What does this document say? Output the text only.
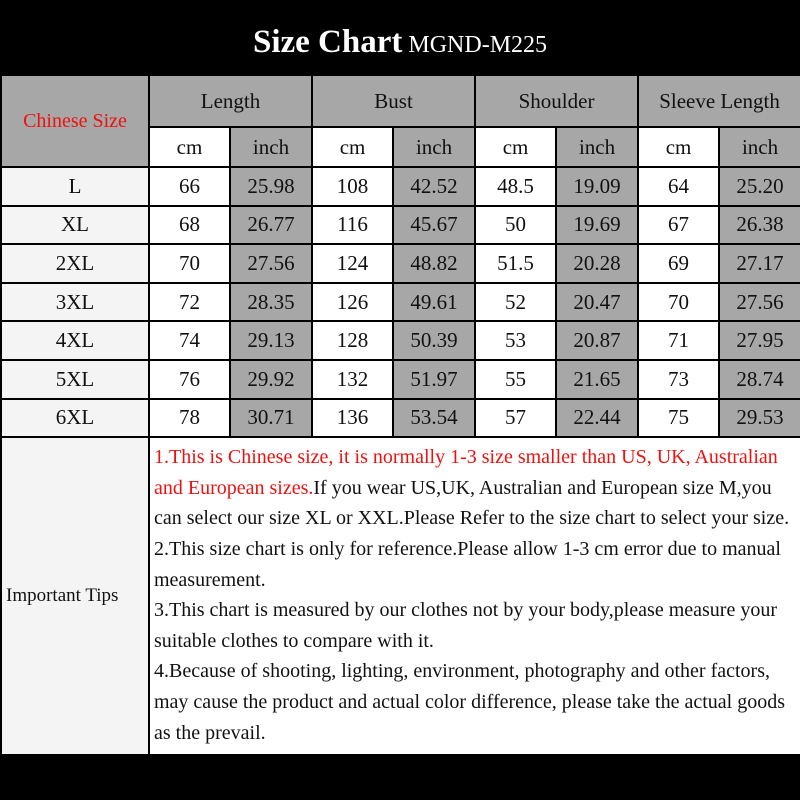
Size Chart MGND-M225
Chinese Size	Length		Bust		Shoulder		Sleeve Length	
	cm	inch	cm	inch	cm	inch	cm	inch
L	66	25.98	108	42.52	48.5	19.09	64	25.20
XL	68	26.77	116	45.67	50	19.69	67	26.38
2XL	70	27.56	124	48.82	51.5	20.28	69	27.17
3XL	72	28.35	126	49.61	52	20.47	70	27.56
4XL	74	29.13	128	50.39	53	20.87	71	27.95
5XL	76	29.92	132	51.97	55	21.65	73	28.74
6XL	78	30.71	136	53.54	57	22.44	75	29.53
Important Tips	1.This is Chinese size, it is normally 1-3 size smaller than US, UK, Australian and European sizes.If you wear US,UK, Australian and European size M,you can select our size XL or XXL.Please Refer to the size chart to select your size.
2.This size chart is only for reference.Please allow 1-3 cm error due to manual measurement.
3.This chart is measured by our clothes not by your body,please measure your suitable clothes to compare with it.
4.Because of shooting, lighting, environment, photography and other factors, may cause the product and actual color difference, please take the actual goods as the prevail.							
